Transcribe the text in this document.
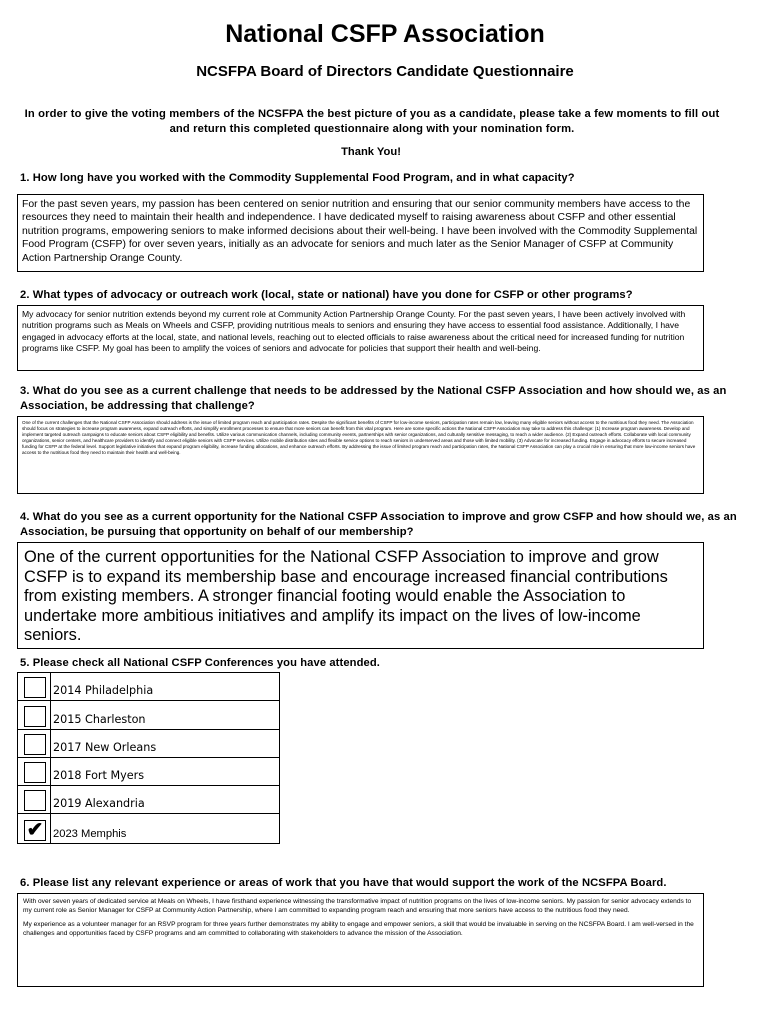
National CSFP Association
NCSFPA Board of Directors Candidate Questionnaire
In order to give the voting members of the NCSFPA the best picture of you as a candidate, please take a few moments to fill out and return this completed questionnaire along with your nomination form.
Thank You!
1. How long have you worked with the Commodity Supplemental Food Program, and in what capacity?
For the past seven years, my passion has been centered on senior nutrition and ensuring that our senior community members have access to the resources they need to maintain their health and independence. I have dedicated myself to raising awareness about CSFP and other essential nutrition programs, empowering seniors to make informed decisions about their well-being. I have been involved with the Commodity Supplemental Food Program (CSFP) for over seven years, initially as an advocate for seniors and much later as the Senior Manager of CSFP at Community Action Partnership Orange County.
2. What types of advocacy or outreach work (local, state or national) have you done for CSFP or other programs?
My advocacy for senior nutrition extends beyond my current role at Community Action Partnership Orange County. For the past seven years, I have been actively involved with nutrition programs such as Meals on Wheels and CSFP, providing nutritious meals to seniors and ensuring they have access to essential food assistance. Additionally, I have engaged in advocacy efforts at the local, state, and national levels, reaching out to elected officials to raise awareness about the critical need for increased funding for nutrition programs like CSFP. My goal has been to amplify the voices of seniors and advocate for policies that support their health and well-being.
3. What do you see as a current challenge that needs to be addressed by the National CSFP Association and how should we, as an Association, be addressing that challenge?
One of the current challenges that the National CSFP Association should address is the issue of limited program reach and participation rates. Despite the significant benefits of CSFP for low-income seniors, participation rates remain low, leaving many eligible seniors without access to the nutritious food they need. The Association should focus on strategies to increase program awareness, expand outreach efforts, and simplify enrollment processes to ensure that more seniors can benefit from this vital program. Here are some specific actions the National CSFP Association may take to address this challenge: (1) Increase program awareness. Develop and implement targeted outreach campaigns to educate seniors about CSFP eligibility and benefits. Utilize various communication channels, including community events, partnerships with senior organizations, and culturally sensitive messaging, to reach a wider audience. (2) Expand outreach efforts. Collaborate with local community organizations, senior centers, and healthcare providers to identify and connect eligible seniors with CSFP services. Utilize mobile distribution sites and flexible service options to reach seniors in underserved areas and those with limited mobility. (3) Advocate for increased funding. Engage in advocacy efforts to secure increased funding for CSFP at the federal level. Support legislative initiatives that expand program eligibility, increase funding allocations, and enhance outreach efforts. By addressing the issue of limited program reach and participation rates, the National CSFP Association can play a crucial role in ensuring that more low-income seniors have access to the nutritious food they need to maintain their health and well-being.
4. What do you see as a current opportunity for the National CSFP Association to improve and grow CSFP and how should we, as an Association, be pursuing that opportunity on behalf of our membership?
One of the current opportunities for the National CSFP Association to improve and grow CSFP is to expand its membership base and encourage increased financial contributions from existing members. A stronger financial footing would enable the Association to undertake more ambitious initiatives and amplify its impact on the lives of low-income seniors.
5. Please check all National CSFP Conferences you have attended.
2014 Philadelphia
2015 Charleston
2017 New Orleans
2018 Fort Myers
2019 Alexandria
✔ 2023 Memphis
6. Please list any relevant experience or areas of work that you have that would support the work of the NCSFPA Board.

With over seven years of dedicated service at Meals on Wheels, I have firsthand experience witnessing the transformative impact of nutrition programs on the lives of low-income seniors. My passion for senior advocacy extends to my current role as Senior Manager for CSFP at Community Action Partnership, where I am committed to expanding program reach and ensuring that more seniors have access to the nutritious food they need.

My experience as a volunteer manager for an RSVP program for three years further demonstrates my ability to engage and empower seniors, a skill that would be invaluable in serving on the NCSFPA Board. I am well-versed in the challenges and opportunities faced by CSFP programs and am committed to collaborating with stakeholders to advance the mission of the Association.
